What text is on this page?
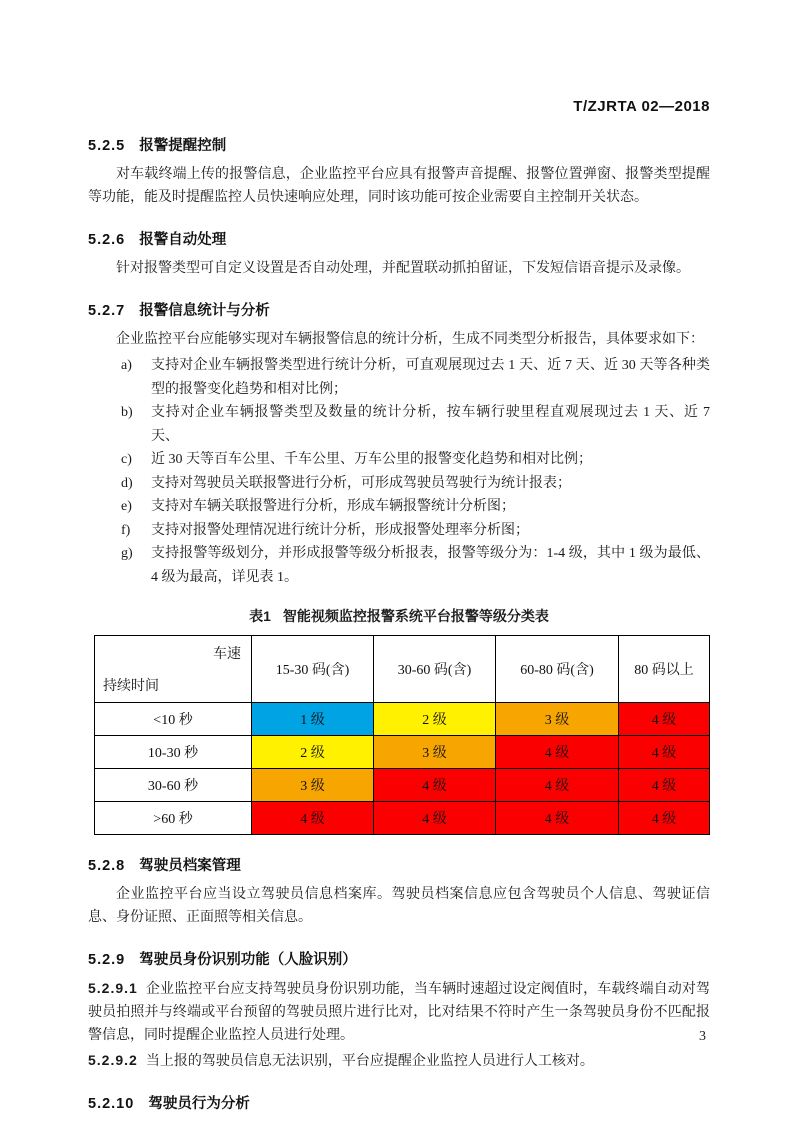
T/ZJRTA 02—2018
5.2.5 报警提醒控制

对车载终端上传的报警信息，企业监控平台应具有报警声音提醒、报警位置弹窗、报警类型提醒等功能，能及时提醒监控人员快速响应处理，同时该功能可按企业需要自主控制开关状态。

5.2.6 报警自动处理

针对报警类型可自定义设置是否自动处理，并配置联动抓拍留证，下发短信语音提示及录像。

5.2.7 报警信息统计与分析

企业监控平台应能够实现对车辆报警信息的统计分析，生成不同类型分析报告，具体要求如下：

a)	支持对企业车辆报警类型进行统计分析，可直观展现过去 1 天、近 7 天、近 30 天等各种类型的报警变化趋势和相对比例；
b)	支持对企业车辆报警类型及数量的统计分析，按车辆行驶里程直观展现过去 1 天、近 7 天、
c)	近 30 天等百车公里、千车公里、万车公里的报警变化趋势和相对比例；
d)	支持对驾驶员关联报警进行分析，可形成驾驶员驾驶行为统计报表；
e)	支持对车辆关联报警进行分析，形成车辆报警统计分析图；
f)	支持对报警处理情况进行统计分析，形成报警处理率分析图；
g)	支持报警等级划分，并形成报警等级分析报表，报警等级分为：1-4 级，其中 1 级为最低、4 级为最高，详见表 1。
表1 智能视频监控报警系统平台报警等级分类表
车速
持续时间	15-30 码(含)	30-60 码(含)	60-80 码(含)	80 码以上
<10 秒	1 级	2 级	3 级	4 级
10-30 秒	2 级	3 级	4 级	4 级
30-60 秒	3 级	4 级	4 级	4 级
>60 秒	4 级	4 级	4 级	4 级
5.2.8 驾驶员档案管理

企业监控平台应当设立驾驶员信息档案库。驾驶员档案信息应包含驾驶员个人信息、驾驶证信息、身份证照、正面照等相关信息。

5.2.9 驾驶员身份识别功能（人脸识别）

5.2.9.1 企业监控平台应支持驾驶员身份识别功能，当车辆时速超过设定阀值时，车载终端自动对驾驶员拍照并与终端或平台预留的驾驶员照片进行比对，比对结果不符时产生一条驾驶员身份不匹配报警信息，同时提醒企业监控人员进行处理。

5.2.9.2 当上报的驾驶员信息无法识别，平台应提醒企业监控人员进行人工核对。

5.2.10 驾驶员行为分析
3
